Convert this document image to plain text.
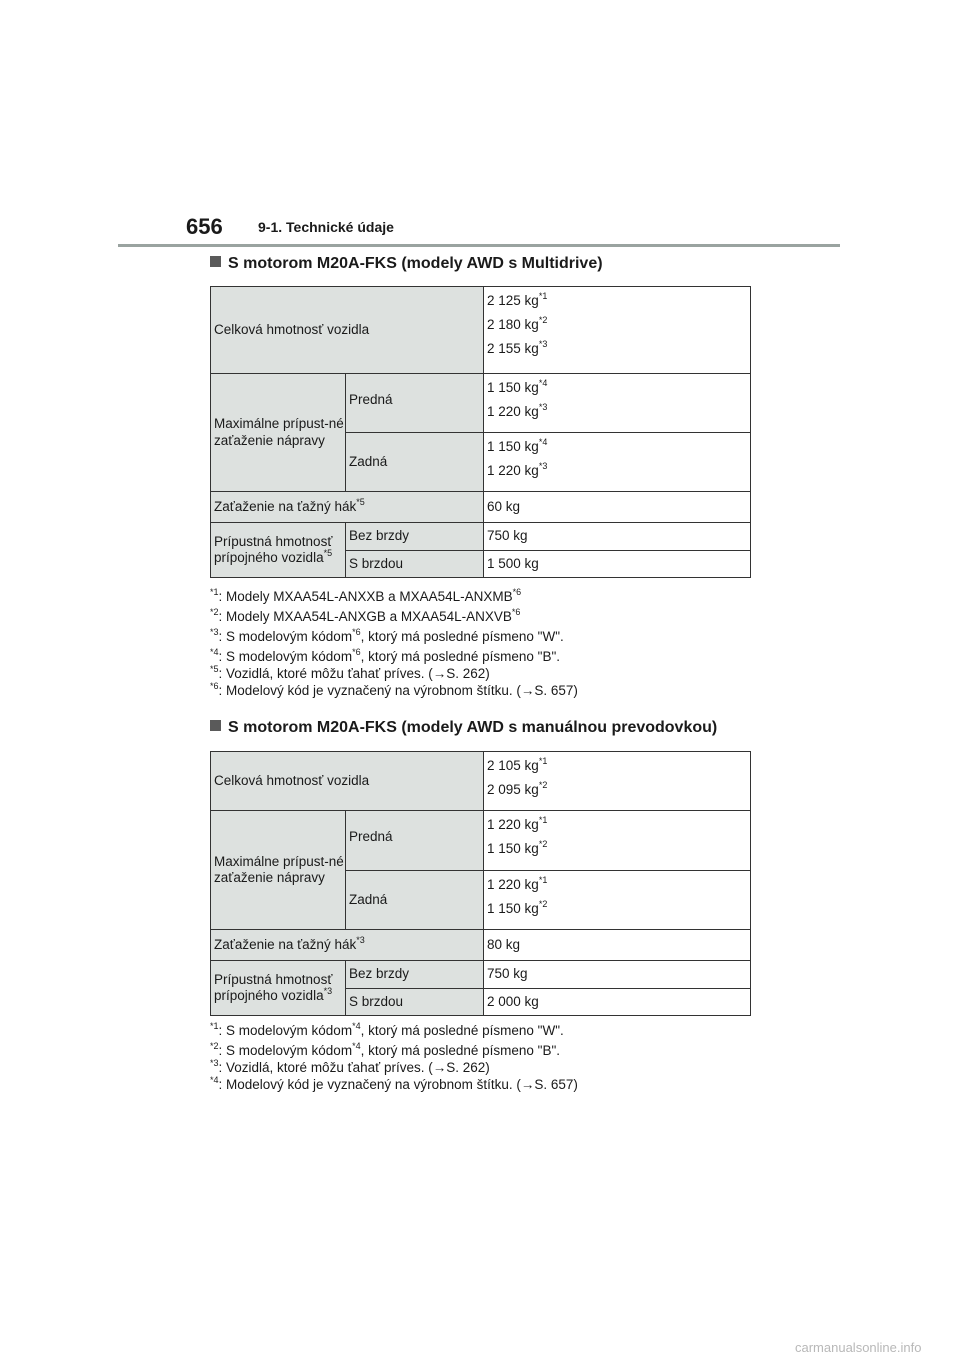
656	9-1. Technické údaje
S motorom M20A-FKS (modely AWD s Multidrive)
Celková hmotnosť vozidla		2 125 $kg^{*1}$
2 180 $kg^{*2}$
2 155 $kg^{*3}$

Maximálne prípust-né zaťaženie nápravy	Predná	1 150 $kg^{*4}$
1 220 $kg^{*3}$

	Zadná	1 150 $kg^{*4}$
1 220 $kg^{*3}$

Zaťaženie na ťažný hák$^{*5}$		60 kg
Prípustná hmotnosť prípojného vozidla$^{*5}$	Bez brzdy	750 kg
	S brzdou	1 500 kg

$^{*1}$: Modely MXAA54L-ANXXB a MXAA54L-ANXMB$^{*6}$

$^{*2}$: Modely MXAA54L-ANXGB a MXAA54L-ANXVB$^{*6}$

$^{*3}$: S modelovým kódom$^{*6}$, ktorý má posledné písmeno "W".

$^{*4}$: S modelovým kódom$^{*6}$, ktorý má posledné písmeno "B".

$^{*5}$: Vozidlá, ktoré môžu ťahať príves. (→S. 262)

$^{*6}$: Modelový kód je vyznačený na výrobnom štítku. (→S. 657)

S motorom M20A-FKS (modely AWD s manuálnou prevodovkou)
Celková hmotnosť vozidla		2 105 $kg^{*1}$
2 095 $kg^{*2}$

Maximálne prípust-né zaťaženie nápravy	Predná	1 220 $kg^{*1}$
1 150 $kg^{*2}$

	Zadná	1 220 $kg^{*1}$
1 150 $kg^{*2}$

Zaťaženie na ťažný hák$^{*3}$		80 kg
Prípustná hmotnosť prípojného vozidla$^{*3}$	Bez brzdy	750 kg
	S brzdou	2 000 kg

$^{*1}$: S modelovým kódom$^{*4}$, ktorý má posledné písmeno "W".

$^{*2}$: S modelovým kódom$^{*4}$, ktorý má posledné písmeno "B".

$^{*3}$: Vozidlá, ktoré môžu ťahať príves. (→S. 262)

$^{*4}$: Modelový kód je vyznačený na výrobnom štítku. (→S. 657)

carmanualsonline.info
